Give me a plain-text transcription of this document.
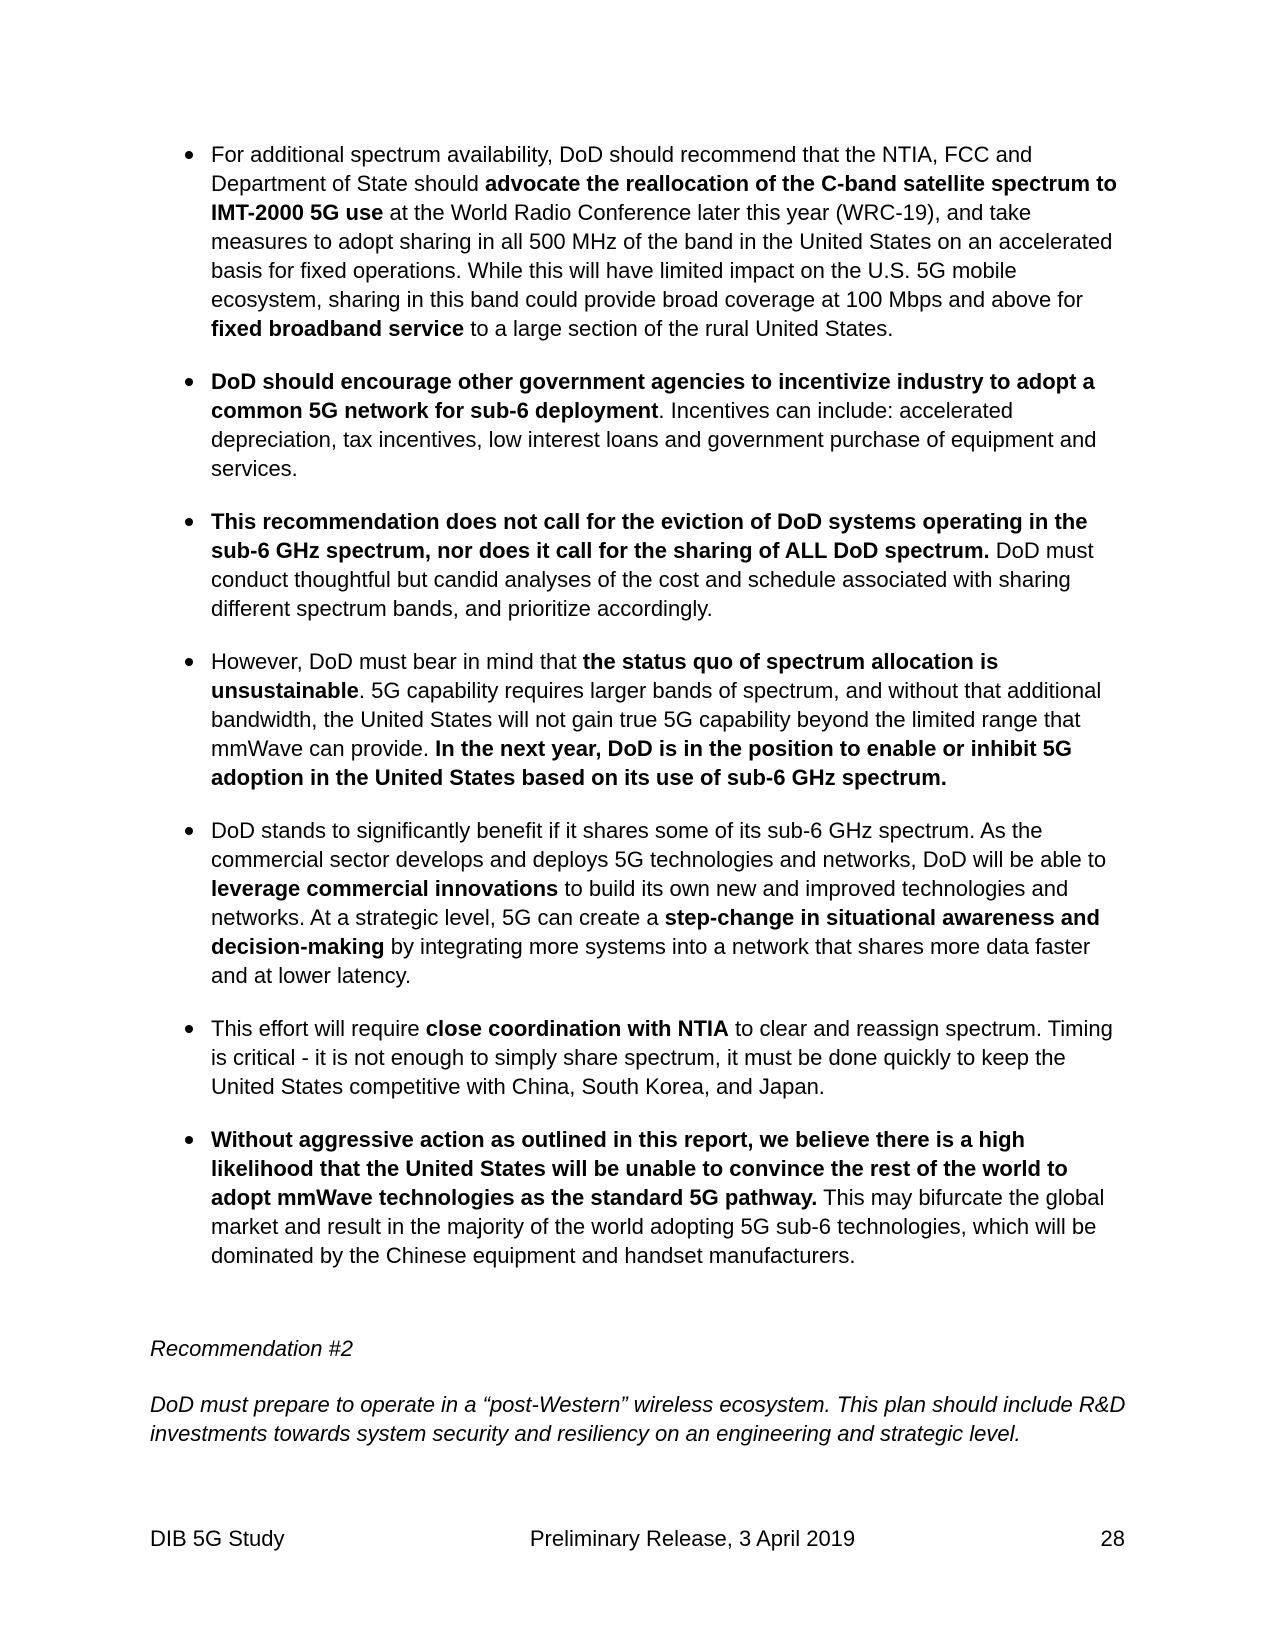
For additional spectrum availability, DoD should recommend that the NTIA, FCC and Department of State should advocate the reallocation of the C-band satellite spectrum to IMT-2000 5G use at the World Radio Conference later this year (WRC-19), and take measures to adopt sharing in all 500 MHz of the band in the United States on an accelerated basis for fixed operations. While this will have limited impact on the U.S. 5G mobile ecosystem, sharing in this band could provide broad coverage at 100 Mbps and above for fixed broadband service to a large section of the rural United States.
DoD should encourage other government agencies to incentivize industry to adopt a common 5G network for sub-6 deployment. Incentives can include: accelerated depreciation, tax incentives, low interest loans and government purchase of equipment and services.
This recommendation does not call for the eviction of DoD systems operating in the sub-6 GHz spectrum, nor does it call for the sharing of ALL DoD spectrum. DoD must conduct thoughtful but candid analyses of the cost and schedule associated with sharing different spectrum bands, and prioritize accordingly.
However, DoD must bear in mind that the status quo of spectrum allocation is unsustainable. 5G capability requires larger bands of spectrum, and without that additional bandwidth, the United States will not gain true 5G capability beyond the limited range that mmWave can provide. In the next year, DoD is in the position to enable or inhibit 5G adoption in the United States based on its use of sub-6 GHz spectrum.
DoD stands to significantly benefit if it shares some of its sub-6 GHz spectrum. As the commercial sector develops and deploys 5G technologies and networks, DoD will be able to leverage commercial innovations to build its own new and improved technologies and networks. At a strategic level, 5G can create a step-change in situational awareness and decision-making by integrating more systems into a network that shares more data faster and at lower latency.
This effort will require close coordination with NTIA to clear and reassign spectrum. Timing is critical - it is not enough to simply share spectrum, it must be done quickly to keep the United States competitive with China, South Korea, and Japan.
Without aggressive action as outlined in this report, we believe there is a high likelihood that the United States will be unable to convince the rest of the world to adopt mmWave technologies as the standard 5G pathway. This may bifurcate the global market and result in the majority of the world adopting 5G sub-6 technologies, which will be dominated by the Chinese equipment and handset manufacturers.

Recommendation #2

DoD must prepare to operate in a “post-Western” wireless ecosystem. This plan should include R&D investments towards system security and resiliency on an engineering and strategic level.

DIB 5G Study	Preliminary Release, 3 April 2019	28
